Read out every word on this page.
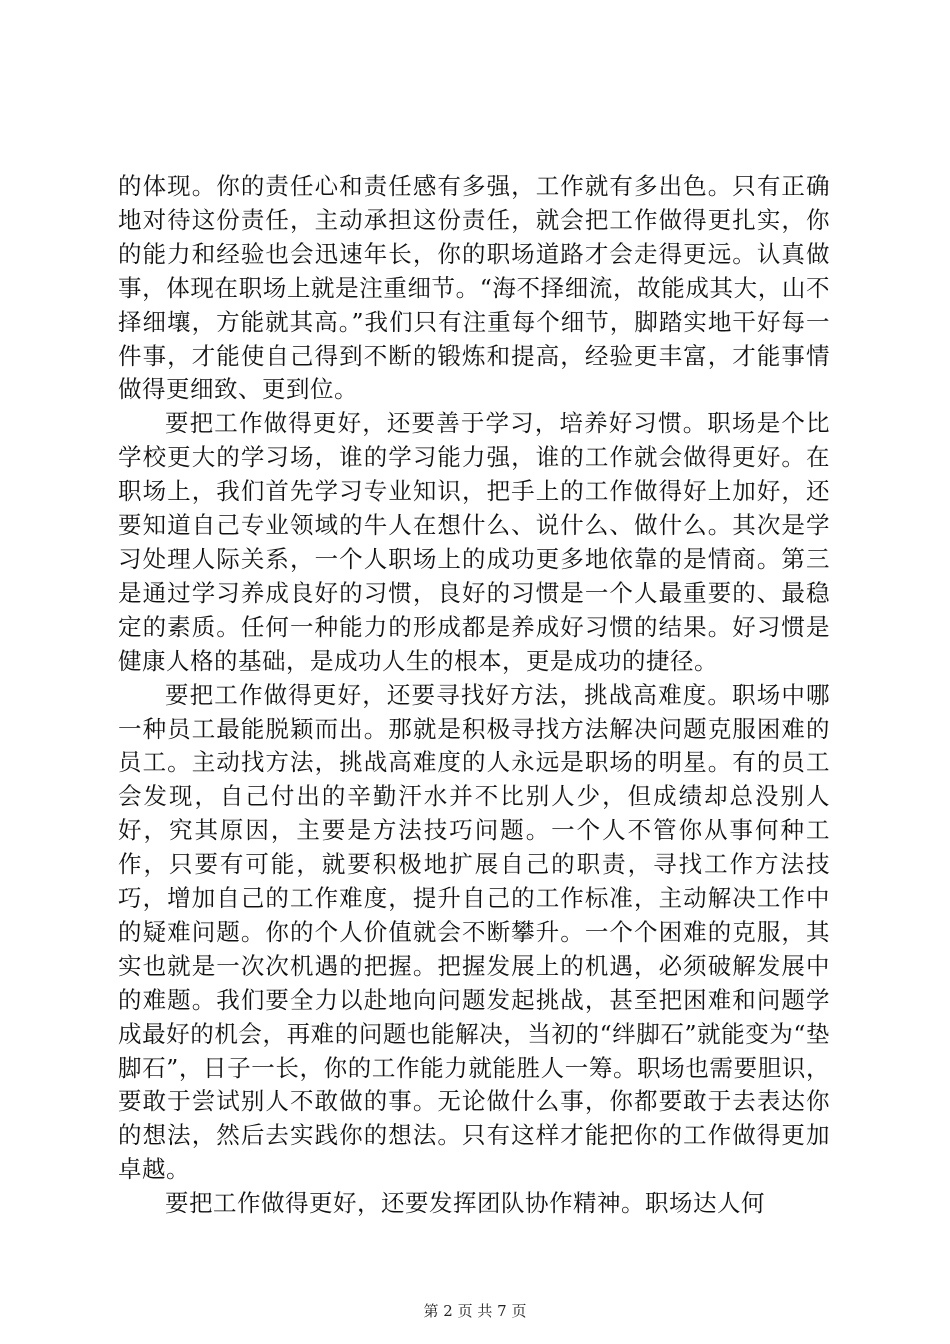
的体现。你的责任心和责任感有多强，工作就有多出色。只有正确地对待这份责任，主动承担这份责任，就会把工作做得更扎实，你的能力和经验也会迅速年长，你的职场道路才会走得更远。认真做事，体现在职场上就是注重细节。“海不择细流，故能成其大，山不择细壤，方能就其高。”我们只有注重每个细节，脚踏实地干好每一件事，才能使自己得到不断的锻炼和提高，经验更丰富，才能事情做得更细致、更到位。

要把工作做得更好，还要善于学习，培养好习惯。职场是个比学校更大的学习场，谁的学习能力强，谁的工作就会做得更好。在职场上，我们首先学习专业知识，把手上的工作做得好上加好，还要知道自己专业领域的牛人在想什么、说什么、做什么。其次是学习处理人际关系，一个人职场上的成功更多地依靠的是情商。第三是通过学习养成良好的习惯，良好的习惯是一个人最重要的、最稳定的素质。任何一种能力的形成都是养成好习惯的结果。好习惯是健康人格的基础，是成功人生的根本，更是成功的捷径。

要把工作做得更好，还要寻找好方法，挑战高难度。职场中哪一种员工最能脱颖而出。那就是积极寻找方法解决问题克服困难的员工。主动找方法，挑战高难度的人永远是职场的明星。有的员工会发现，自己付出的辛勤汗水并不比别人少，但成绩却总没别人好，究其原因，主要是方法技巧问题。一个人不管你从事何种工作，只要有可能，就要积极地扩展自己的职责，寻找工作方法技巧，增加自己的工作难度，提升自己的工作标准，主动解决工作中的疑难问题。你的个人价值就会不断攀升。一个个困难的克服，其实也就是一次次机遇的把握。把握发展上的机遇，必须破解发展中的难题。我们要全力以赴地向问题发起挑战，甚至把困难和问题学成最好的机会，再难的问题也能解决，当初的“绊脚石”就能变为“垫脚石”，日子一长，你的工作能力就能胜人一筹。职场也需要胆识，要敢于尝试别人不敢做的事。无论做什么事，你都要敢于去表达你的想法，然后去实践你的想法。只有这样才能把你的工作做得更加卓越。

要把工作做得更好，还要发挥团队协作精神。职场达人何

第 2 页 共 7 页
